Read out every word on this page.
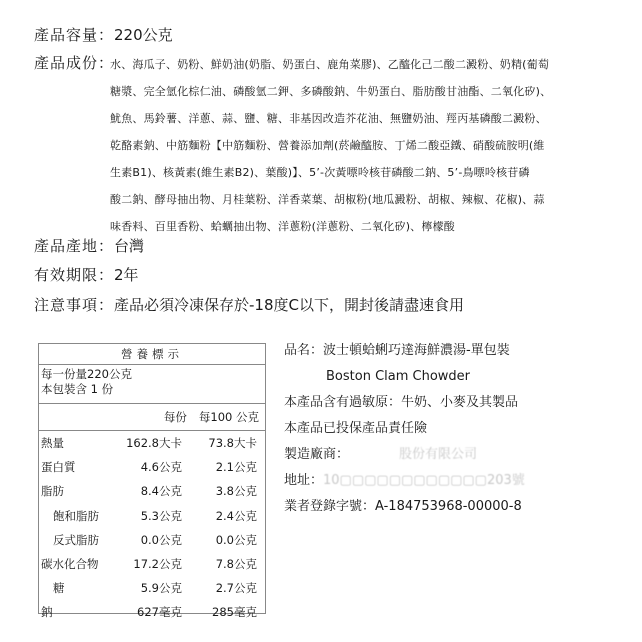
產品容量：220公克
產品成份：
水、海瓜子、奶粉、鮮奶油(奶脂、奶蛋白、鹿角菜膠)、乙醯化己二酸二澱粉、奶精(葡萄
糖漿、完全氫化棕仁油、磷酸氫二鉀、多磷酸鈉、牛奶蛋白、脂肪酸甘油酯、二氧化矽)、
魷魚、馬鈴薯、洋蔥、蒜、鹽、糖、非基因改造芥花油、無鹽奶油、羥丙基磷酸二澱粉、
乾酪素鈉、中筋麵粉【中筋麵粉、營養添加劑(菸鹼醯胺、丁烯二酸亞鐵、硝酸硫胺明(維
生素B1)、核黃素(維生素B2)、葉酸)】、5’-次黃嘌呤核苷磷酸二鈉、5’-鳥嘌呤核苷磷
酸二鈉、酵母抽出物、月桂葉粉、洋香菜葉、胡椒粉(地瓜澱粉、胡椒、辣椒、花椒)、蒜
味香料、百里香粉、蛤蠣抽出物、洋蔥粉(洋蔥粉、二氧化矽)、檸檬酸
產品產地：台灣
有效期限：2年
注意事項：產品必須冷凍保存於-18度C以下，開封後請盡速食用
營養標示
每一份量220公克
本包裝含 1 份
每份 每100 公克
熱量	162.8大卡	73.8大卡
蛋白質	4.6公克	2.1公克
脂肪	8.4公克	3.8公克
飽和脂肪	5.3公克	2.4公克
反式脂肪	0.0公克	0.0公克
碳水化合物	17.2公克	7.8公克
糖	5.9公克	2.7公克
鈉	627毫克	285毫克
品名：波士頓蛤蜊巧達海鮮濃湯-單包裝
Boston Clam Chowder
本產品含有過敏原：牛奶、小麥及其製品
本產品已投保產品責任險
製造廠商：	股份有限公司
地址：10▢▢▢▢▢▢▢▢▢▢▢▢203號
業者登錄字號：A-184753968-00000-8
